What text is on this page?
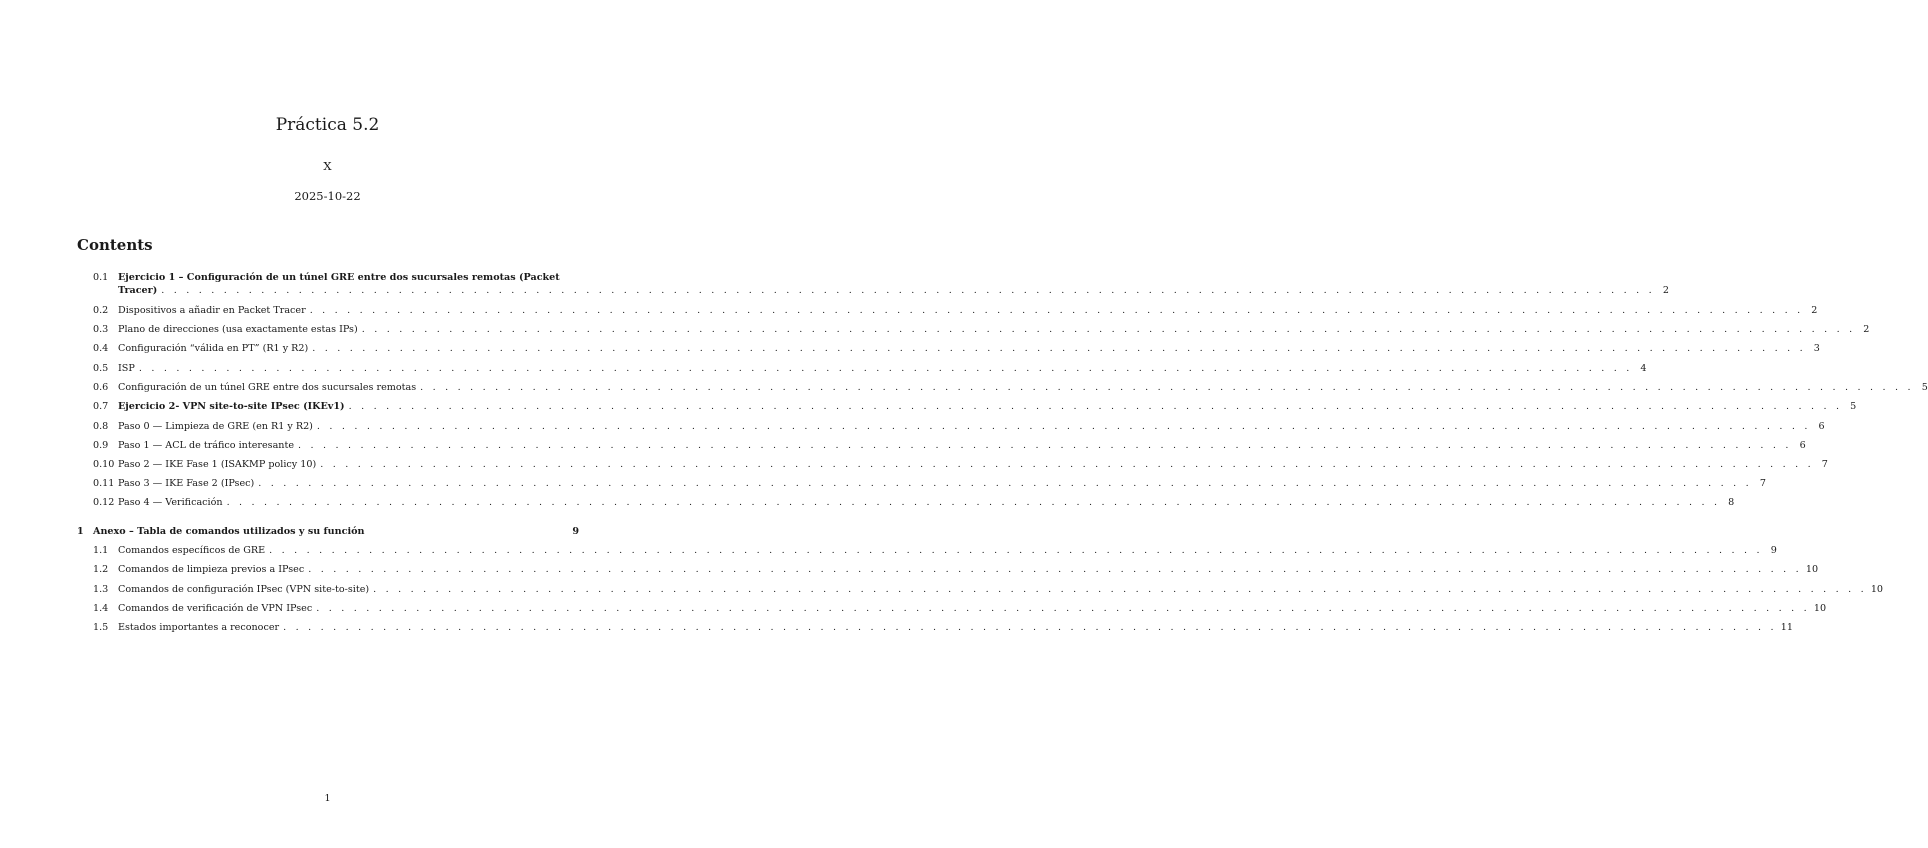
Práctica 5.2
X
2025-10-22
Contents
0.1 Ejercicio 1 – Configuración de un túnel GRE entre dos sucursales remotas (Packet
Tracer) . . . . . . . . . . . . . . . . . . . . . . . . . . . . . . . . . . . . . . . . . . . . . . . . . . . . . . . . . . . . . . . . . . . . . . . . . . . . . . . . . . . . . . . . . . . . . . . . . . . . . . . . . . . . . . . . . . . . . . . . 2
0.2 Dispositivos a añadir en Packet Tracer . . . . . . . . . . . . . . . . . . . . . . . . . . . . . . . . . . . . . . . . . . . . . . . . . . . . . . . . . . . . . . . . . . . . . . . . . . . . . . . . . . . . . . . . . . . . . . . . . . . . . . . . . . . . . . . . . . . . . . . . 2
0.3 Plano de direcciones (usa exactamente estas IPs) . . . . . . . . . . . . . . . . . . . . . . . . . . . . . . . . . . . . . . . . . . . . . . . . . . . . . . . . . . . . . . . . . . . . . . . . . . . . . . . . . . . . . . . . . . . . . . . . . . . . . . . . . . . . . . . . . . . . . . . . 2
0.4 Configuración “válida en PT” (R1 y R2) . . . . . . . . . . . . . . . . . . . . . . . . . . . . . . . . . . . . . . . . . . . . . . . . . . . . . . . . . . . . . . . . . . . . . . . . . . . . . . . . . . . . . . . . . . . . . . . . . . . . . . . . . . . . . . . . . . . . . . . . 3
0.5 ISP . . . . . . . . . . . . . . . . . . . . . . . . . . . . . . . . . . . . . . . . . . . . . . . . . . . . . . . . . . . . . . . . . . . . . . . . . . . . . . . . . . . . . . . . . . . . . . . . . . . . . . . . . . . . . . . . . . . . . . . . 4
0.6 Configuración de un túnel GRE entre dos sucursales remotas . . . . . . . . . . . . . . . . . . . . . . . . . . . . . . . . . . . . . . . . . . . . . . . . . . . . . . . . . . . . . . . . . . . . . . . . . . . . . . . . . . . . . . . . . . . . . . . . . . . . . . . . . . . . . . . . . . . . . . . . 5
0.7 Ejercicio 2- VPN site-to-site IPsec (IKEv1) . . . . . . . . . . . . . . . . . . . . . . . . . . . . . . . . . . . . . . . . . . . . . . . . . . . . . . . . . . . . . . . . . . . . . . . . . . . . . . . . . . . . . . . . . . . . . . . . . . . . . . . . . . . . . . . . . . . . . . . . 5
0.8 Paso 0 — Limpieza de GRE (en R1 y R2) . . . . . . . . . . . . . . . . . . . . . . . . . . . . . . . . . . . . . . . . . . . . . . . . . . . . . . . . . . . . . . . . . . . . . . . . . . . . . . . . . . . . . . . . . . . . . . . . . . . . . . . . . . . . . . . . . . . . . . . . 6
0.9 Paso 1 — ACL de tráfico interesante . . . . . . . . . . . . . . . . . . . . . . . . . . . . . . . . . . . . . . . . . . . . . . . . . . . . . . . . . . . . . . . . . . . . . . . . . . . . . . . . . . . . . . . . . . . . . . . . . . . . . . . . . . . . . . . . . . . . . . . . 6
0.10 Paso 2 — IKE Fase 1 (ISAKMP policy 10) . . . . . . . . . . . . . . . . . . . . . . . . . . . . . . . . . . . . . . . . . . . . . . . . . . . . . . . . . . . . . . . . . . . . . . . . . . . . . . . . . . . . . . . . . . . . . . . . . . . . . . . . . . . . . . . . . . . . . . . . 7
0.11 Paso 3 — IKE Fase 2 (IPsec) . . . . . . . . . . . . . . . . . . . . . . . . . . . . . . . . . . . . . . . . . . . . . . . . . . . . . . . . . . . . . . . . . . . . . . . . . . . . . . . . . . . . . . . . . . . . . . . . . . . . . . . . . . . . . . . . . . . . . . . . 7
0.12 Paso 4 — Verificación . . . . . . . . . . . . . . . . . . . . . . . . . . . . . . . . . . . . . . . . . . . . . . . . . . . . . . . . . . . . . . . . . . . . . . . . . . . . . . . . . . . . . . . . . . . . . . . . . . . . . . . . . . . . . . . . . . . . . . . . 8
1 Anexo – Tabla de comandos utilizados y su función	9
1.1 Comandos específicos de GRE . . . . . . . . . . . . . . . . . . . . . . . . . . . . . . . . . . . . . . . . . . . . . . . . . . . . . . . . . . . . . . . . . . . . . . . . . . . . . . . . . . . . . . . . . . . . . . . . . . . . . . . . . . . . . . . . . . . . . . . . 9
1.2 Comandos de limpieza previos a IPsec . . . . . . . . . . . . . . . . . . . . . . . . . . . . . . . . . . . . . . . . . . . . . . . . . . . . . . . . . . . . . . . . . . . . . . . . . . . . . . . . . . . . . . . . . . . . . . . . . . . . . . . . . . . . . . . . . . . . . . . . 10
1.3 Comandos de configuración IPsec (VPN site-to-site) . . . . . . . . . . . . . . . . . . . . . . . . . . . . . . . . . . . . . . . . . . . . . . . . . . . . . . . . . . . . . . . . . . . . . . . . . . . . . . . . . . . . . . . . . . . . . . . . . . . . . . . . . . . . . . . . . . . . . . . . 10
1.4 Comandos de verificación de VPN IPsec . . . . . . . . . . . . . . . . . . . . . . . . . . . . . . . . . . . . . . . . . . . . . . . . . . . . . . . . . . . . . . . . . . . . . . . . . . . . . . . . . . . . . . . . . . . . . . . . . . . . . . . . . . . . . . . . . . . . . . . . 10
1.5 Estados importantes a reconocer . . . . . . . . . . . . . . . . . . . . . . . . . . . . . . . . . . . . . . . . . . . . . . . . . . . . . . . . . . . . . . . . . . . . . . . . . . . . . . . . . . . . . . . . . . . . . . . . . . . . . . . . . . . . . . . . . . . . . . . . 11
1
